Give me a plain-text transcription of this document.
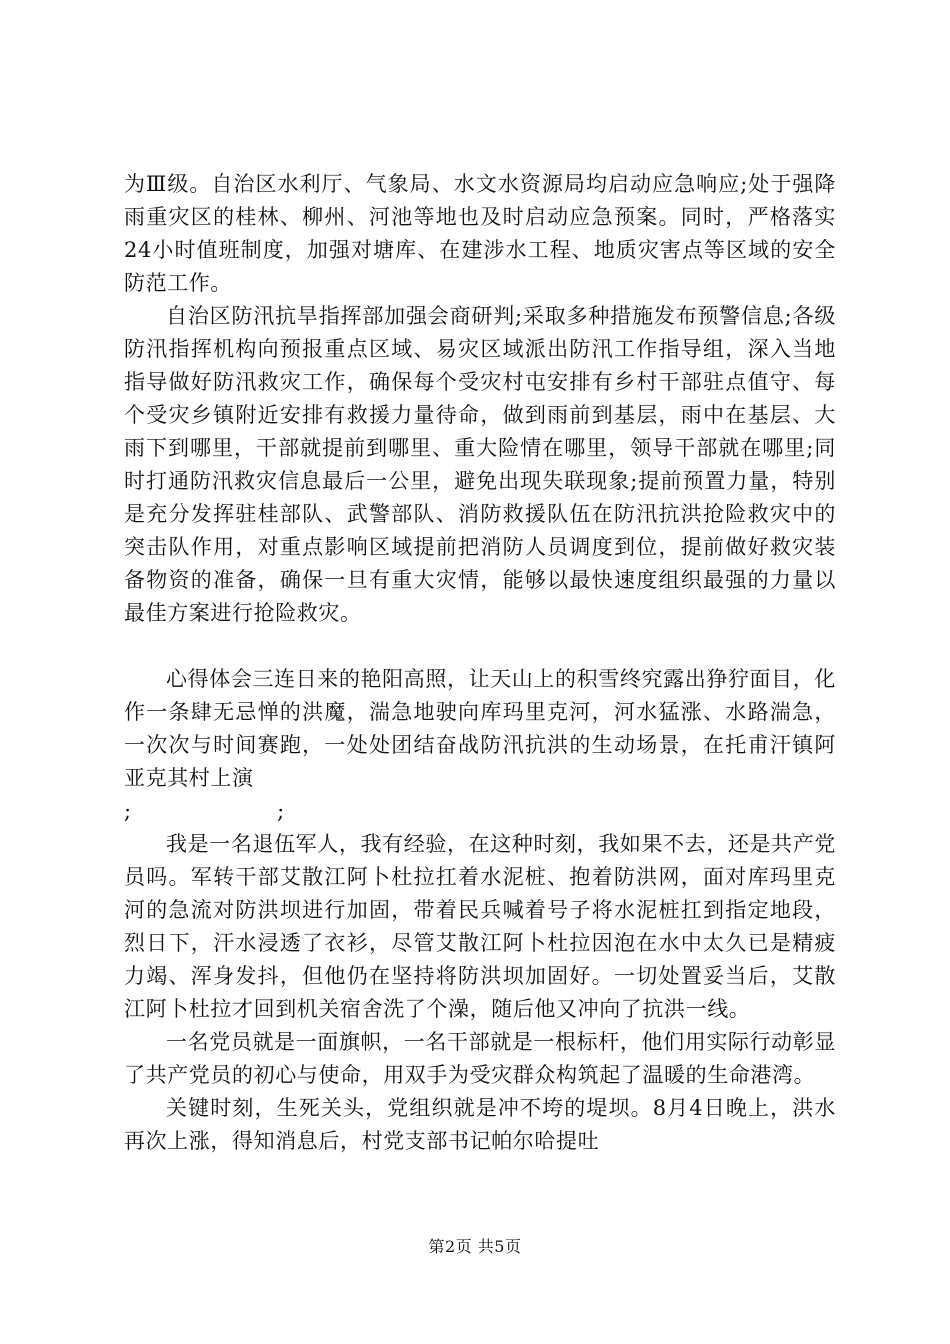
为Ⅲ级。自治区水利厅、气象局、水文水资源局均启动应急响应;处于强降雨重灾区的桂林、柳州、河池等地也及时启动应急预案。同时，严格落实24小时值班制度，加强对塘库、在建涉水工程、地质灾害点等区域的安全防范工作。

自治区防汛抗旱指挥部加强会商研判;采取多种措施发布预警信息;各级防汛指挥机构向预报重点区域、易灾区域派出防汛工作指导组，深入当地指导做好防汛救灾工作，确保每个受灾村屯安排有乡村干部驻点值守、每个受灾乡镇附近安排有救援力量待命，做到雨前到基层，雨中在基层、大雨下到哪里，干部就提前到哪里、重大险情在哪里，领导干部就在哪里;同时打通防汛救灾信息最后一公里，避免出现失联现象;提前预置力量，特别是充分发挥驻桂部队、武警部队、消防救援队伍在防汛抗洪抢险救灾中的突击队作用，对重点影响区域提前把消防人员调度到位，提前做好救灾装备物资的准备，确保一旦有重大灾情，能够以最快速度组织最强的力量以最佳方案进行抢险救灾。

心得体会三连日来的艳阳高照，让天山上的积雪终究露出狰狞面目，化作一条肆无忌惮的洪魔，湍急地驶向库玛里克河，河水猛涨、水路湍急，一次次与时间赛跑，一处处团结奋战防汛抗洪的生动场景，在托甫汗镇阿亚克其村上演

;                    ;

我是一名退伍军人，我有经验，在这种时刻，我如果不去，还是共产党员吗。军转干部艾散江阿卜杜拉扛着水泥桩、抱着防洪网，面对库玛里克河的急流对防洪坝进行加固，带着民兵喊着号子将水泥桩扛到指定地段，烈日下，汗水浸透了衣衫，尽管艾散江阿卜杜拉因泡在水中太久已是精疲力竭、浑身发抖，但他仍在坚持将防洪坝加固好。一切处置妥当后，艾散江阿卜杜拉才回到机关宿舍洗了个澡，随后他又冲向了抗洪一线。

一名党员就是一面旗帜，一名干部就是一根标杆，他们用实际行动彰显了共产党员的初心与使命，用双手为受灾群众构筑起了温暖的生命港湾。

关键时刻，生死关头，党组织就是冲不垮的堤坝。8月4日晚上，洪水再次上涨，得知消息后，村党支部书记帕尔哈提吐

第2页 共5页
